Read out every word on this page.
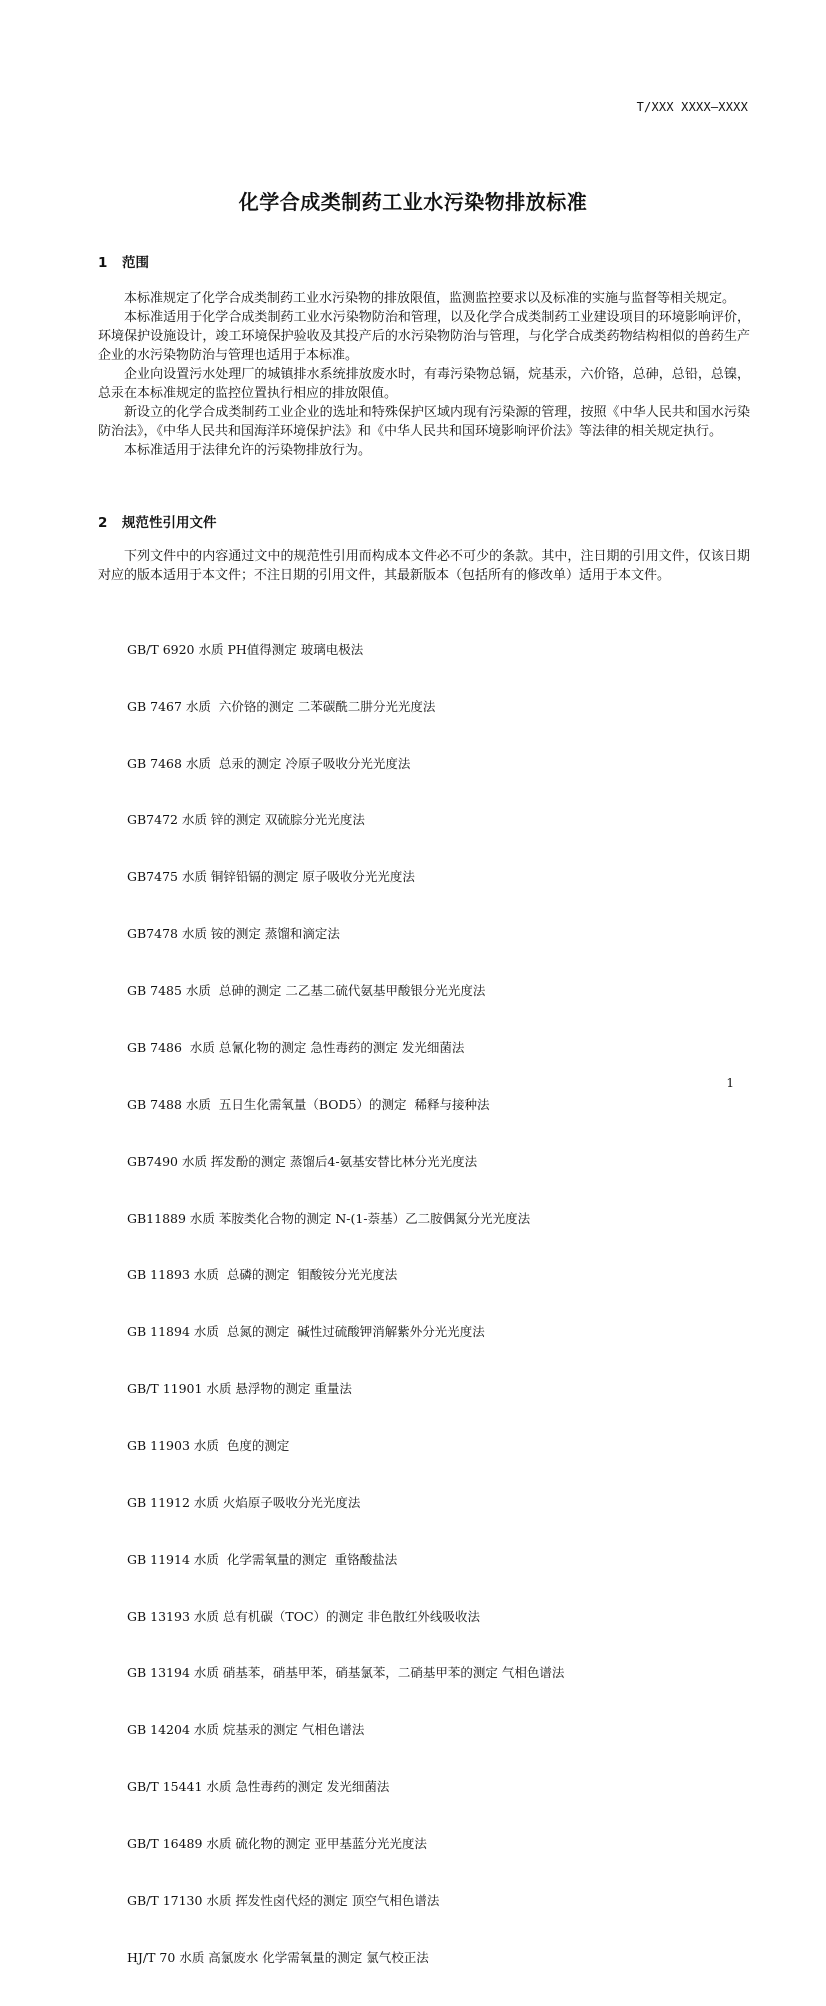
T/XXX XXXX—XXXX
化学合成类制药工业水污染物排放标准
1 范围

本标准规定了化学合成类制药工业水污染物的排放限值，监测监控要求以及标准的实施与监督等相关规定。

本标准适用于化学合成类制药工业水污染物防治和管理，以及化学合成类制药工业建设项目的环境影响评价，环境保护设施设计，竣工环境保护验收及其投产后的水污染物防治与管理，与化学合成类药物结构相似的兽药生产企业的水污染物防治与管理也适用于本标准。

企业向设置污水处理厂的城镇排水系统排放废水时，有毒污染物总镉，烷基汞，六价铬，总砷，总铅，总镍，总汞在本标准规定的监控位置执行相应的排放限值。

新设立的化学合成类制药工业企业的选址和特殊保护区域内现有污染源的管理，按照《中华人民共和国水污染防治法》，《中华人民共和国海洋环境保护法》和《中华人民共和国环境影响评价法》等法律的相关规定执行。

本标准适用于法律允许的污染物排放行为。

2 规范性引用文件

下列文件中的内容通过文中的规范性引用而构成本文件必不可少的条款。其中，注日期的引用文件，仅该日期对应的版本适用于本文件；不注日期的引用文件，其最新版本（包括所有的修改单）适用于本文件。

GB/T 6920 水质 PH值得测定 玻璃电极法

GB 7467 水质  六价铬的测定 二苯碳酰二肼分光光度法

GB 7468 水质  总汞的测定 冷原子吸收分光光度法

GB7472 水质 锌的测定 双硫腙分光光度法

GB7475 水质 铜锌铅镉的测定 原子吸收分光光度法

GB7478 水质 铵的测定 蒸馏和滴定法

GB 7485 水质  总砷的测定 二乙基二硫代氨基甲酸银分光光度法

GB 7486  水质 总氰化物的测定 急性毒药的测定 发光细菌法

GB 7488 水质  五日生化需氧量（BOD5）的测定  稀释与接种法

GB7490 水质 挥发酚的测定 蒸馏后4-氨基安替比林分光光度法

GB11889 水质 苯胺类化合物的测定 N-(1-萘基）乙二胺偶氮分光光度法

GB 11893 水质  总磷的测定  钼酸铵分光光度法

GB 11894 水质  总氮的测定  碱性过硫酸钾消解紫外分光光度法

GB/T 11901 水质 悬浮物的测定 重量法

GB 11903 水质  色度的测定

GB 11912 水质 火焰原子吸收分光光度法

GB 11914 水质  化学需氧量的测定  重铬酸盐法

GB 13193 水质 总有机碳（TOC）的测定 非色散红外线吸收法

GB 13194 水质 硝基苯，硝基甲苯，硝基氯苯，二硝基甲苯的测定 气相色谱法

GB 14204 水质 烷基汞的测定 气相色谱法

GB/T 15441 水质 急性毒药的测定 发光细菌法

GB/T 16489 水质 硫化物的测定 亚甲基蓝分光光度法

GB/T 17130 水质 挥发性卤代烃的测定 顶空气相色谱法

HJ/T 70 水质 高氯废水 化学需氧量的测定 氯气校正法

1
